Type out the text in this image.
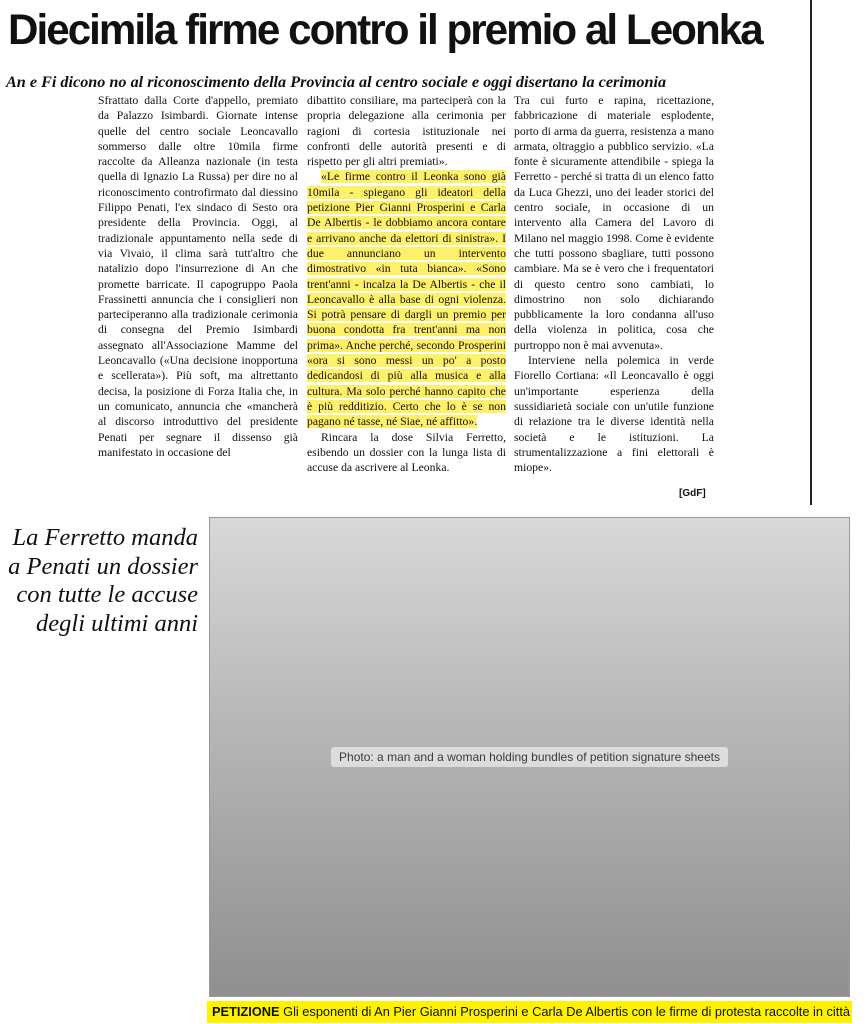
Diecimila firme contro il premio al Leonka
An e Fi dicono no al riconoscimento della Provincia al centro sociale e oggi disertano la cerimonia

Sfrattato dalla Corte d'appello, premiato da Palazzo Isimbardi. Giornate intense quelle del centro sociale Leoncavallo sommerso dalle oltre 10mila firme raccolte da Alleanza nazionale (in testa quella di Ignazio La Russa) per dire no al riconoscimento controfirmato dal diessino Filippo Penati, l'ex sindaco di Sesto ora presidente della Provincia. Oggi, al tradizionale appuntamento nella sede di via Vivaio, il clima sarà tutt'altro che natalizio dopo l'insurrezione di An che promette barricate. Il capogruppo Paola Frassinetti annuncia che i consiglieri non parteciperanno alla tradizionale cerimonia di consegna del Premio Isimbardi assegnato all'Associazione Mamme del Leoncavallo («Una decisione inopportuna e scellerata»). Più soft, ma altrettanto decisa, la posizione di Forza Italia che, in un comunicato, annuncia che «mancherà al discorso introduttivo del presidente Penati per segnare il dissenso già manifestato in occasione del

dibattito consiliare, ma parteciperà con la propria delegazione alla cerimonia per ragioni di cortesia istituzionale nei confronti delle autorità presenti e di rispetto per gli altri premiati».

«Le firme contro il Leonka sono già 10mila - spiegano gli ideatori della petizione Pier Gianni Prosperini e Carla De Albertis - le dobbiamo ancora contare e arrivano anche da elettori di sinistra». I due annunciano un intervento dimostrativo «in tuta bianca». «Sono trent'anni - incalza la De Albertis - che il Leoncavallo è alla base di ogni violenza. Si potrà pensare di dargli un premio per buona condotta fra trent'anni ma non prima». Anche perché, secondo Prosperini «ora si sono messi un po' a posto dedicandosi di più alla musica e alla cultura. Ma solo perché hanno capito che è più redditizio. Certo che lo è se non pagano né tasse, né Siae, né affitto».

Rincara la dose Silvia Ferretto, esibendo un dossier con la lunga lista di accuse da ascrivere al Leonka.

Tra cui furto e rapina, ricettazione, fabbricazione di materiale esplodente, porto di arma da guerra, resistenza a mano armata, oltraggio a pubblico servizio. «La fonte è sicuramente attendibile - spiega la Ferretto - perché si tratta di un elenco fatto da Luca Ghezzi, uno dei leader storici del centro sociale, in occasione di un intervento alla Camera del Lavoro di Milano nel maggio 1998. Come è evidente che tutti possono sbagliare, tutti possono cambiare. Ma se è vero che i frequentatori di questo centro sono cambiati, lo dimostrino non solo dichiarando pubblicamente la loro condanna all'uso della violenza in politica, cosa che purtroppo non è mai avvenuta».

Interviene nella polemica in verde Fiorello Cortiana: «Il Leoncavallo è oggi un'importante esperienza della sussidiarietà sociale con un'utile funzione di relazione tra le diverse identità nella società e le istituzioni. La strumentalizzazione a fini elettorali è miope».

[GdF]
La Ferretto manda a Penati un dossier con tutte le accuse degli ultimi anni
Photo: a man and a woman holding bundles of petition signature sheets
PETIZIONE Gli esponenti di An Pier Gianni Prosperini e Carla De Albertis con le firme di protesta raccolte in città
